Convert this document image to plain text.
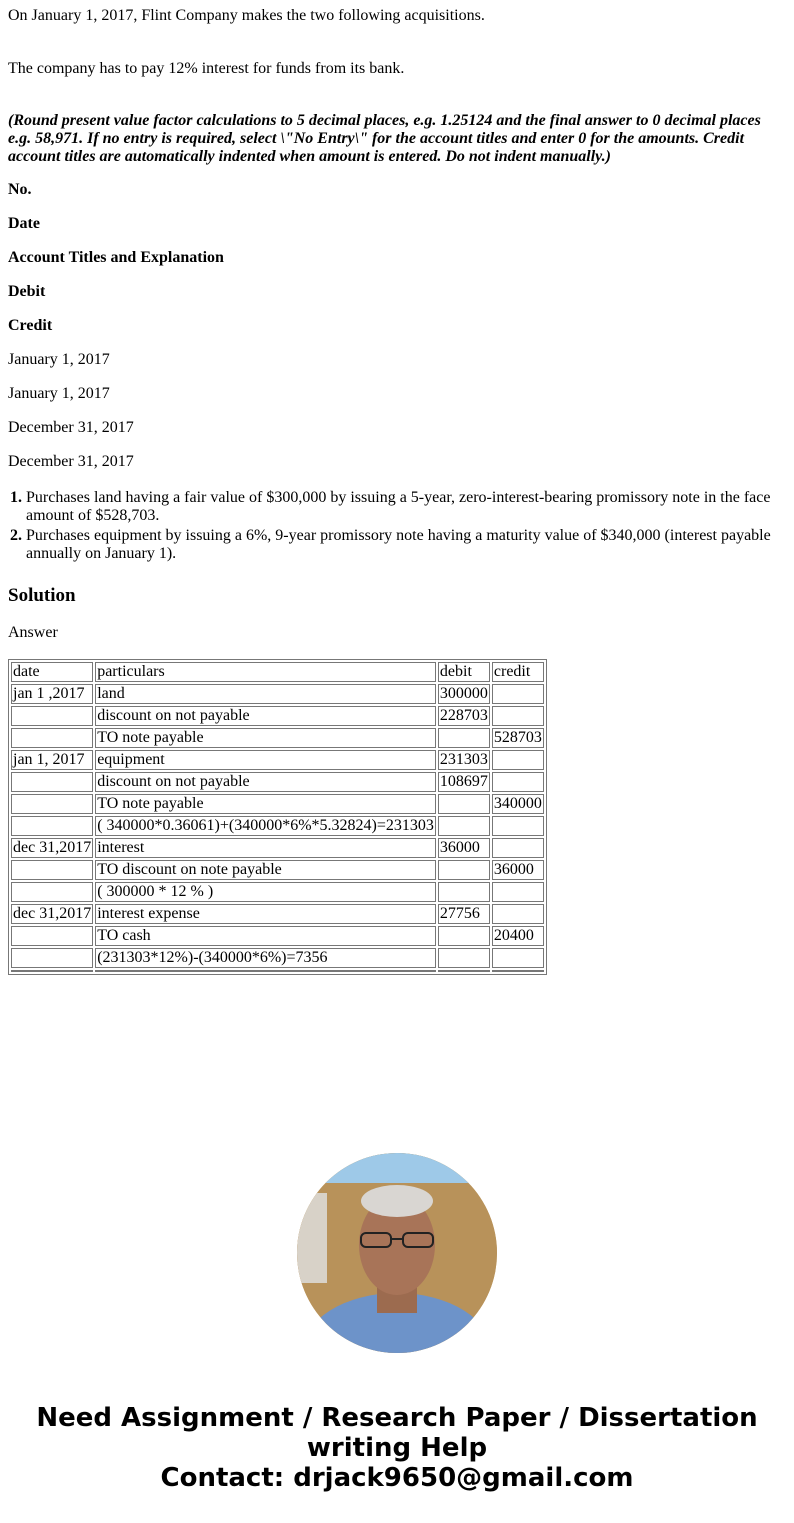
On January 1, 2017, Flint Company makes the two following acquisitions.

The company has to pay 12% interest for funds from its bank.

(Round present value factor calculations to 5 decimal places, e.g. 1.25124 and the final answer to 0 decimal places e.g. 58,971. If no entry is required, select \"No Entry\" for the account titles and enter 0 for the amounts. Credit account titles are automatically indented when amount is entered. Do not indent manually.)

No.

Date

Account Titles and Explanation

Debit

Credit

January 1, 2017

January 1, 2017

December 31, 2017

December 31, 2017

1. Purchases land having a fair value of $300,000 by issuing a 5-year, zero-interest-bearing promissory note in the face amount of $528,703.
2. Purchases equipment by issuing a 6%, 9-year promissory note having a maturity value of $340,000 (interest payable annually on January 1).
Solution

Answer

date	particulars	debit	credit
jan 1 ,2017	land	300000	
	discount on not payable	228703	
	TO note payable		528703
jan 1, 2017	equipment	231303	
	discount on not payable	108697	
	TO note payable		340000
	( 340000*0.36061)+(340000*6%*5.32824)=231303		
dec 31,2017	interest	36000	
	TO discount on note payable		36000
	( 300000 * 12 % )		
dec 31,2017	interest expense	27756	
	TO cash		20400
	(231303*12%)-(340000*6%)=7356		

Need Assignment / Research Paper / Dissertation
writing Help
Contact: drjack9650@gmail.com
